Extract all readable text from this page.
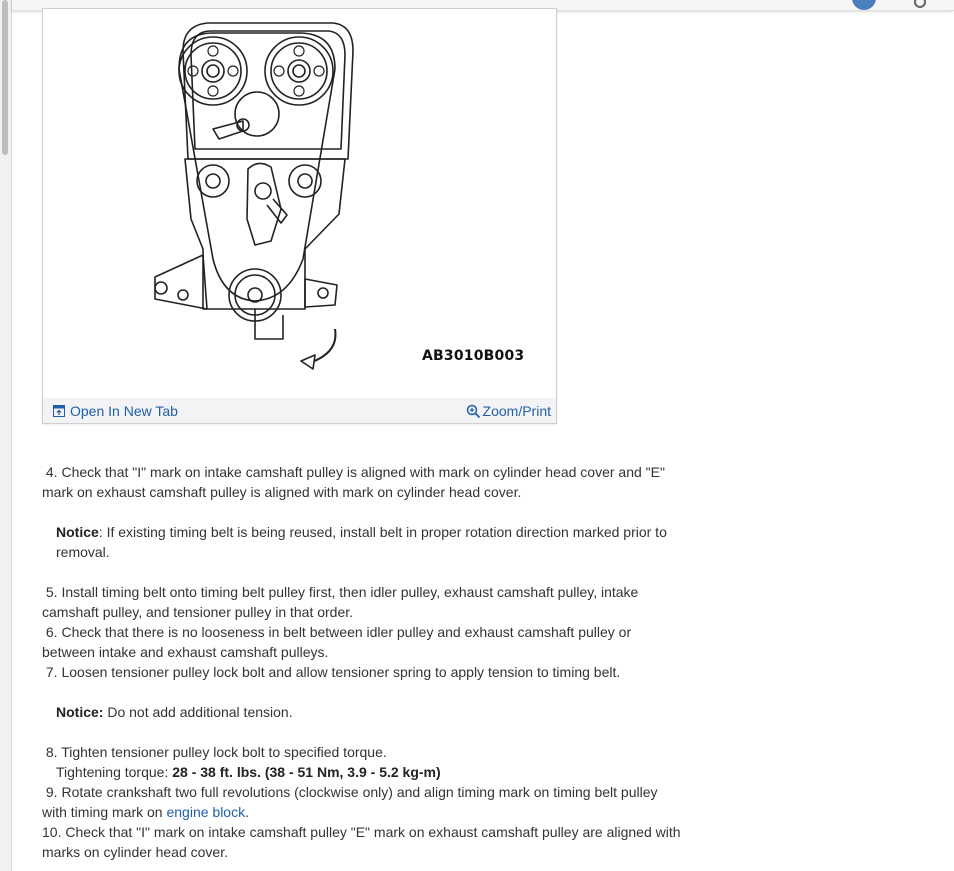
AB3010B003
Open In New Tab	Zoom/Print

4. Check that "I" mark on intake camshaft pulley is aligned with mark on cylinder head cover and "E" mark on exhaust camshaft pulley is aligned with mark on cylinder head cover.

Notice: If existing timing belt is being reused, install belt in proper rotation direction marked prior to removal.

5. Install timing belt onto timing belt pulley first, then idler pulley, exhaust camshaft pulley, intake camshaft pulley, and tensioner pulley in that order.

6. Check that there is no looseness in belt between idler pulley and exhaust camshaft pulley or between intake and exhaust camshaft pulleys.

7. Loosen tensioner pulley lock bolt and allow tensioner spring to apply tension to timing belt.

Notice: Do not add additional tension.

8. Tighten tensioner pulley lock bolt to specified torque.

Tightening torque: 28 - 38 ft. lbs. (38 - 51 Nm, 3.9 - 5.2 kg-m)

9. Rotate crankshaft two full revolutions (clockwise only) and align timing mark on timing belt pulley with timing mark on engine block.

10. Check that "I" mark on intake camshaft pulley "E" mark on exhaust camshaft pulley are aligned with marks on cylinder head cover.
